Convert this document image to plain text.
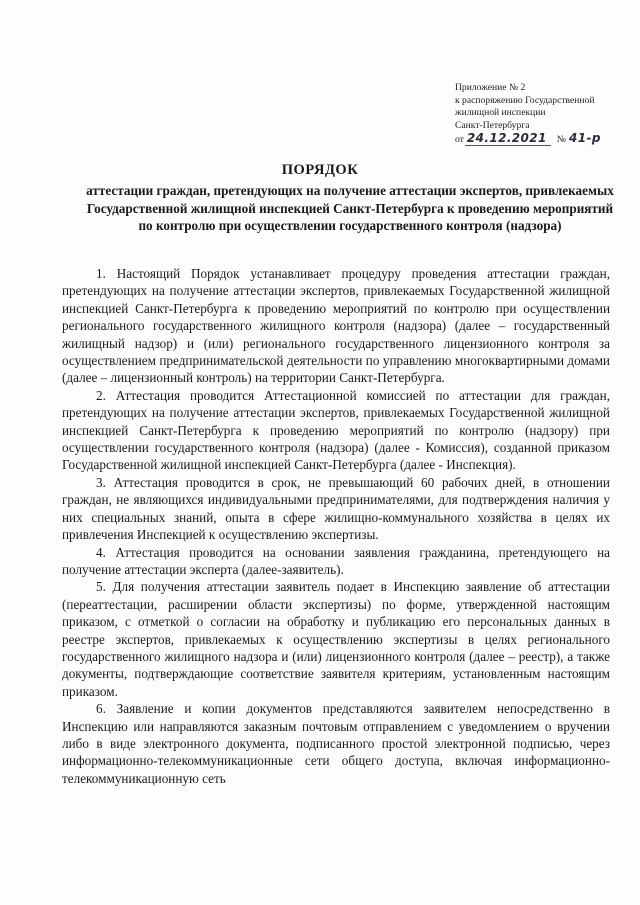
Приложение № 2
к распоряжению Государственной
жилищной инспекции
Санкт-Петербурга
от 24.12.2021	№ 41-р
ПОРЯДОК
аттестации граждан, претендующих на получение аттестации экспертов, привлекаемых Государственной жилищной инспекцией Санкт-Петербурга к проведению мероприятий по контролю при осуществлении государственного контроля (надзора)

1. Настоящий Порядок устанавливает процедуру проведения аттестации граждан, претендующих на получение аттестации экспертов, привлекаемых Государственной жилищной инспекцией Санкт-Петербурга к проведению мероприятий по контролю при осуществлении регионального государственного жилищного контроля (надзора) (далее – государственный жилищный надзор) и (или) регионального государственного лицензионного контроля за осуществлением предпринимательской деятельности по управлению многоквартирными домами (далее – лицензионный контроль) на территории Санкт-Петербурга.

2. Аттестация проводится Аттестационной комиссией по аттестации для граждан, претендующих на получение аттестации экспертов, привлекаемых Государственной жилищной инспекцией Санкт-Петербурга к проведению мероприятий по контролю (надзору) при осуществлении государственного контроля (надзора) (далее - Комиссия), созданной приказом Государственной жилищной инспекцией Санкт-Петербурга (далее - Инспекция).

3. Аттестация проводится в срок, не превышающий 60 рабочих дней, в отношении граждан, не являющихся индивидуальными предпринимателями, для подтверждения наличия у них специальных знаний, опыта в сфере жилищно-коммунального хозяйства в целях их привлечения Инспекцией к осуществлению экспертизы.

4. Аттестация проводится на основании заявления гражданина, претендующего на получение аттестации эксперта (далее-заявитель).

5. Для получения аттестации заявитель подает в Инспекцию заявление об аттестации (переаттестации, расширении области экспертизы) по форме, утвержденной настоящим приказом, с отметкой о согласии на обработку и публикацию его персональных данных в реестре экспертов, привлекаемых к осуществлению экспертизы в целях регионального государственного жилищного надзора и (или) лицензионного контроля (далее – реестр), а также документы, подтверждающие соответствие заявителя критериям, установленным настоящим приказом.

6. Заявление и копии документов представляются заявителем непосредственно в Инспекцию или направляются заказным почтовым отправлением с уведомлением о вручении либо в виде электронного документа, подписанного простой электронной подписью, через информационно-телекоммуникационные сети общего доступа, включая информационно-телекоммуникационную сеть
